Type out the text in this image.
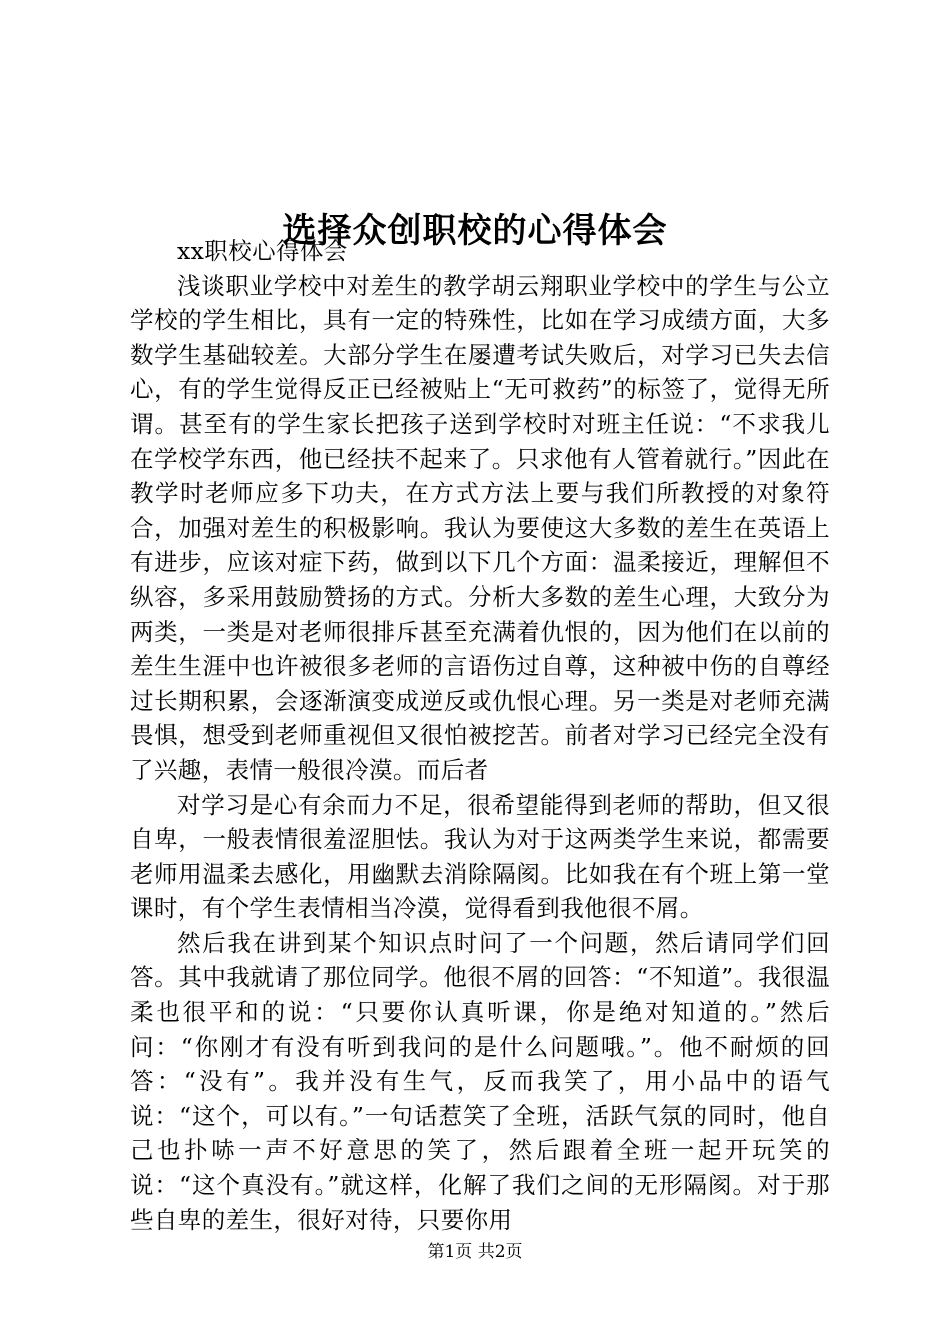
选择众创职校的心得体会

xx职校心得体会

浅谈职业学校中对差生的教学胡云翔职业学校中的学生与公立学校的学生相比，具有一定的特殊性，比如在学习成绩方面，大多数学生基础较差。大部分学生在屡遭考试失败后，对学习已失去信心，有的学生觉得反正已经被贴上“无可救药”的标签了，觉得无所谓。甚至有的学生家长把孩子送到学校时对班主任说：“不求我儿在学校学东西，他已经扶不起来了。只求他有人管着就行。”因此在教学时老师应多下功夫，在方式方法上要与我们所教授的对象符合，加强对差生的积极影响。我认为要使这大多数的差生在英语上有进步，应该对症下药，做到以下几个方面：温柔接近，理解但不纵容，多采用鼓励赞扬的方式。分析大多数的差生心理，大致分为两类，一类是对老师很排斥甚至充满着仇恨的，因为他们在以前的差生生涯中也许被很多老师的言语伤过自尊，这种被中伤的自尊经过长期积累，会逐渐演变成逆反或仇恨心理。另一类是对老师充满畏惧，想受到老师重视但又很怕被挖苦。前者对学习已经完全没有了兴趣，表情一般很冷漠。而后者

对学习是心有余而力不足，很希望能得到老师的帮助，但又很自卑，一般表情很羞涩胆怯。我认为对于这两类学生来说，都需要老师用温柔去感化，用幽默去消除隔阂。比如我在有个班上第一堂课时，有个学生表情相当冷漠，觉得看到我他很不屑。

然后我在讲到某个知识点时问了一个问题，然后请同学们回答。其中我就请了那位同学。他很不屑的回答：“不知道”。我很温柔也很平和的说：“只要你认真听课，你是绝对知道的。”然后问：“你刚才有没有听到我问的是什么问题哦。”。他不耐烦的回答：“没有”。我并没有生气，反而我笑了，用小品中的语气说：“这个，可以有。”一句话惹笑了全班，活跃气氛的同时，他自己也扑哧一声不好意思的笑了，然后跟着全班一起开玩笑的说：“这个真没有。”就这样，化解了我们之间的无形隔阂。对于那些自卑的差生，很好对待，只要你用

第1页 共2页
